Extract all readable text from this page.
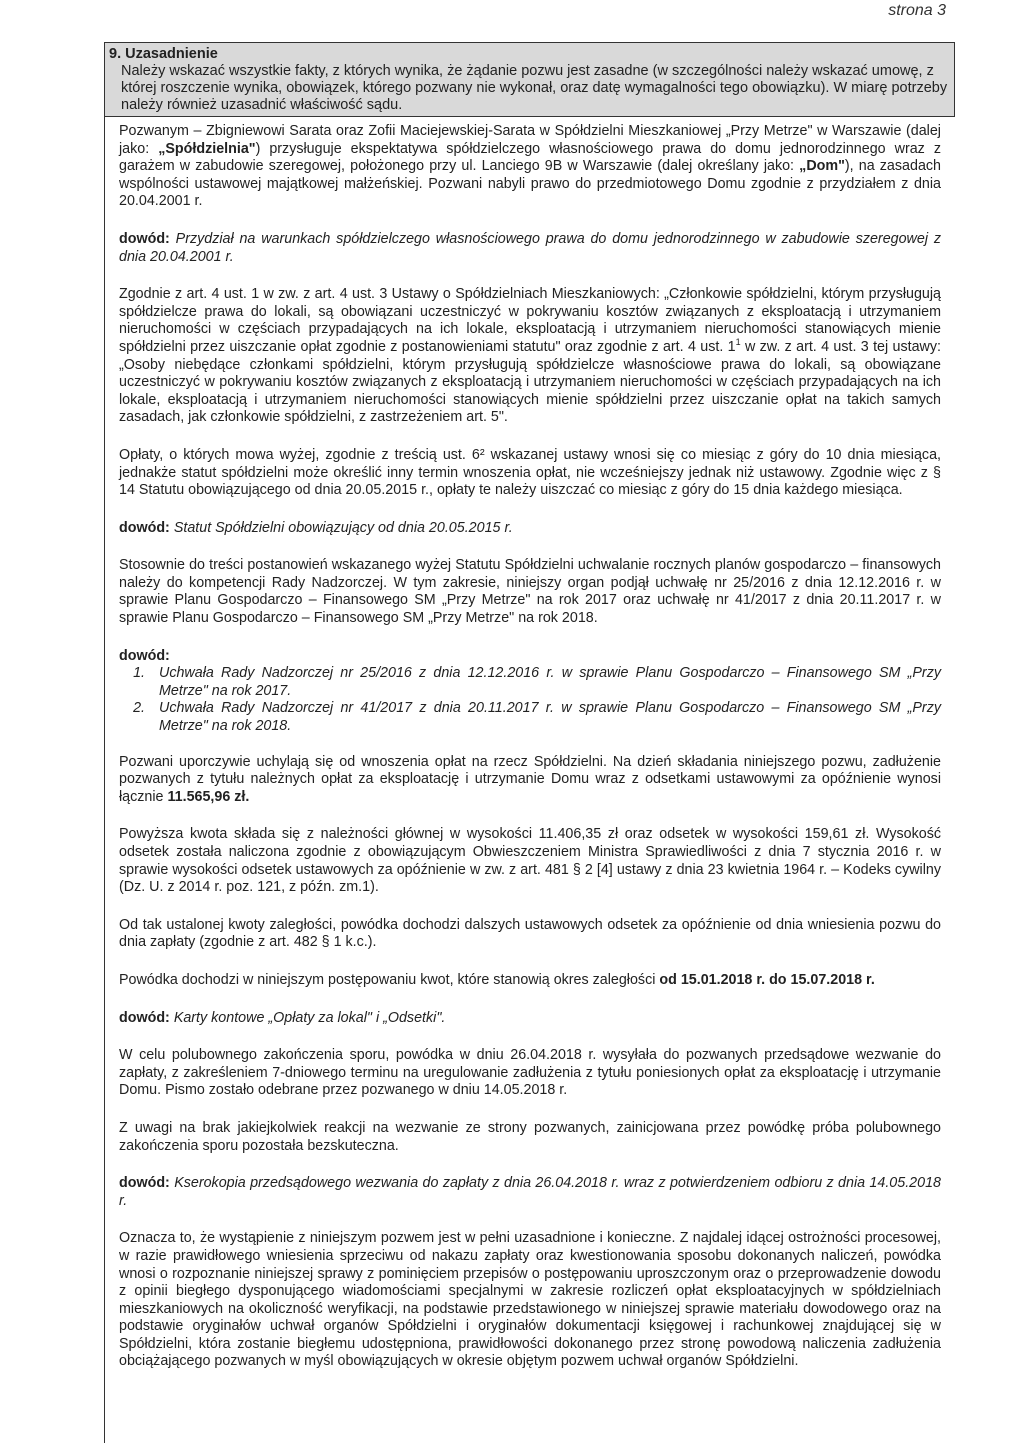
strona 3
9. Uzasadnienie
Należy wskazać wszystkie fakty, z których wynika, że żądanie pozwu jest zasadne (w szczególności należy wskazać umowę, z której roszczenie wynika, obowiązek, którego pozwany nie wykonał, oraz datę wymagalności tego obowiązku). W miarę potrzeby należy również uzasadnić właściwość sądu.

Pozwanym – Zbigniewowi Sarata oraz Zofii Maciejewskiej-Sarata w Spółdzielni Mieszkaniowej „Przy Metrze" w Warszawie (dalej jako: „Spółdzielnia") przysługuje ekspektatywa spółdzielczego własnościowego prawa do domu jednorodzinnego wraz z garażem w zabudowie szeregowej, położonego przy ul. Lanciego 9B w Warszawie (dalej określany jako: „Dom"), na zasadach wspólności ustawowej majątkowej małżeńskiej. Pozwani nabyli prawo do przedmiotowego Domu zgodnie z przydziałem z dnia 20.04.2001 r.

dowód: Przydział na warunkach spółdzielczego własnościowego prawa do domu jednorodzinnego w zabudowie szeregowej z dnia 20.04.2001 r.

Zgodnie z art. 4 ust. 1 w zw. z art. 4 ust. 3 Ustawy o Spółdzielniach Mieszkaniowych: „Członkowie spółdzielni, którym przysługują spółdzielcze prawa do lokali, są obowiązani uczestniczyć w pokrywaniu kosztów związanych z eksploatacją i utrzymaniem nieruchomości w częściach przypadających na ich lokale, eksploatacją i utrzymaniem nieruchomości stanowiących mienie spółdzielni przez uiszczanie opłat zgodnie z postanowieniami statutu" oraz zgodnie z art. 4 ust. $1^1$ w zw. z art. 4 ust. 3 tej ustawy: „Osoby niebędące członkami spółdzielni, którym przysługują spółdzielcze własnościowe prawa do lokali, są obowiązane uczestniczyć w pokrywaniu kosztów związanych z eksploatacją i utrzymaniem nieruchomości w częściach przypadających na ich lokale, eksploatacją i utrzymaniem nieruchomości stanowiących mienie spółdzielni przez uiszczanie opłat na takich samych zasadach, jak członkowie spółdzielni, z zastrzeżeniem art. 5".

Opłaty, o których mowa wyżej, zgodnie z treścią ust. 6² wskazanej ustawy wnosi się co miesiąc z góry do 10 dnia miesiąca, jednakże statut spółdzielni może określić inny termin wnoszenia opłat, nie wcześniejszy jednak niż ustawowy. Zgodnie więc z § 14 Statutu obowiązującego od dnia 20.05.2015 r., opłaty te należy uiszczać co miesiąc z góry do 15 dnia każdego miesiąca.

dowód: Statut Spółdzielni obowiązujący od dnia 20.05.2015 r.

Stosownie do treści postanowień wskazanego wyżej Statutu Spółdzielni uchwalanie rocznych planów gospodarczo – finansowych należy do kompetencji Rady Nadzorczej. W tym zakresie, niniejszy organ podjął uchwałę nr 25/2016 z dnia 12.12.2016 r. w sprawie Planu Gospodarczo – Finansowego SM „Przy Metrze" na rok 2017 oraz uchwałę nr 41/2017 z dnia 20.11.2017 r. w sprawie Planu Gospodarczo – Finansowego SM „Przy Metrze" na rok 2018.

dowód:
1. Uchwała Rady Nadzorczej nr 25/2016 z dnia 12.12.2016 r. w sprawie Planu Gospodarczo – Finansowego SM „Przy Metrze" na rok 2017.
2. Uchwała Rady Nadzorczej nr 41/2017 z dnia 20.11.2017 r. w sprawie Planu Gospodarczo – Finansowego SM „Przy Metrze" na rok 2018.

Pozwani uporczywie uchylają się od wnoszenia opłat na rzecz Spółdzielni. Na dzień składania niniejszego pozwu, zadłużenie pozwanych z tytułu należnych opłat za eksploatację i utrzymanie Domu wraz z odsetkami ustawowymi za opóźnienie wynosi łącznie 11.565,96 zł.

Powyższa kwota składa się z należności głównej w wysokości 11.406,35 zł oraz odsetek w wysokości 159,61 zł. Wysokość odsetek została naliczona zgodnie z obowiązującym Obwieszczeniem Ministra Sprawiedliwości z dnia 7 stycznia 2016 r. w sprawie wysokości odsetek ustawowych za opóźnienie w zw. z art. 481 § 2 [4] ustawy z dnia 23 kwietnia 1964 r. – Kodeks cywilny (Dz. U. z 2014 r. poz. 121, z późn. zm.1).

Od tak ustalonej kwoty zaległości, powódka dochodzi dalszych ustawowych odsetek za opóźnienie od dnia wniesienia pozwu do dnia zapłaty (zgodnie z art. 482 § 1 k.c.).

Powódka dochodzi w niniejszym postępowaniu kwot, które stanowią okres zaległości od 15.01.2018 r. do 15.07.2018 r.

dowód: Karty kontowe „Opłaty za lokal" i „Odsetki".

W celu polubownego zakończenia sporu, powódka w dniu 26.04.2018 r. wysyłała do pozwanych przedsądowe wezwanie do zapłaty, z zakreśleniem 7-dniowego terminu na uregulowanie zadłużenia z tytułu poniesionych opłat za eksploatację i utrzymanie Domu. Pismo zostało odebrane przez pozwanego w dniu 14.05.2018 r.

Z uwagi na brak jakiejkolwiek reakcji na wezwanie ze strony pozwanych, zainicjowana przez powódkę próba polubownego zakończenia sporu pozostała bezskuteczna.

dowód: Kserokopia przedsądowego wezwania do zapłaty z dnia 26.04.2018 r. wraz z potwierdzeniem odbioru z dnia 14.05.2018 r.

Oznacza to, że wystąpienie z niniejszym pozwem jest w pełni uzasadnione i konieczne. Z najdalej idącej ostrożności procesowej, w razie prawidłowego wniesienia sprzeciwu od nakazu zapłaty oraz kwestionowania sposobu dokonanych naliczeń, powódka wnosi o rozpoznanie niniejszej sprawy z pominięciem przepisów o postępowaniu uproszczonym oraz o przeprowadzenie dowodu z opinii biegłego dysponującego wiadomościami specjalnymi w zakresie rozliczeń opłat eksploatacyjnych w spółdzielniach mieszkaniowych na okoliczność weryfikacji, na podstawie przedstawionego w niniejszej sprawie materiału dowodowego oraz na podstawie oryginałów uchwał organów Spółdzielni i oryginałów dokumentacji księgowej i rachunkowej znajdującej się w Spółdzielni, która zostanie biegłemu udostępniona, prawidłowości dokonanego przez stronę powodową naliczenia zadłużenia obciążającego pozwanych w myśl obowiązujących w okresie objętym pozwem uchwał organów Spółdzielni.
